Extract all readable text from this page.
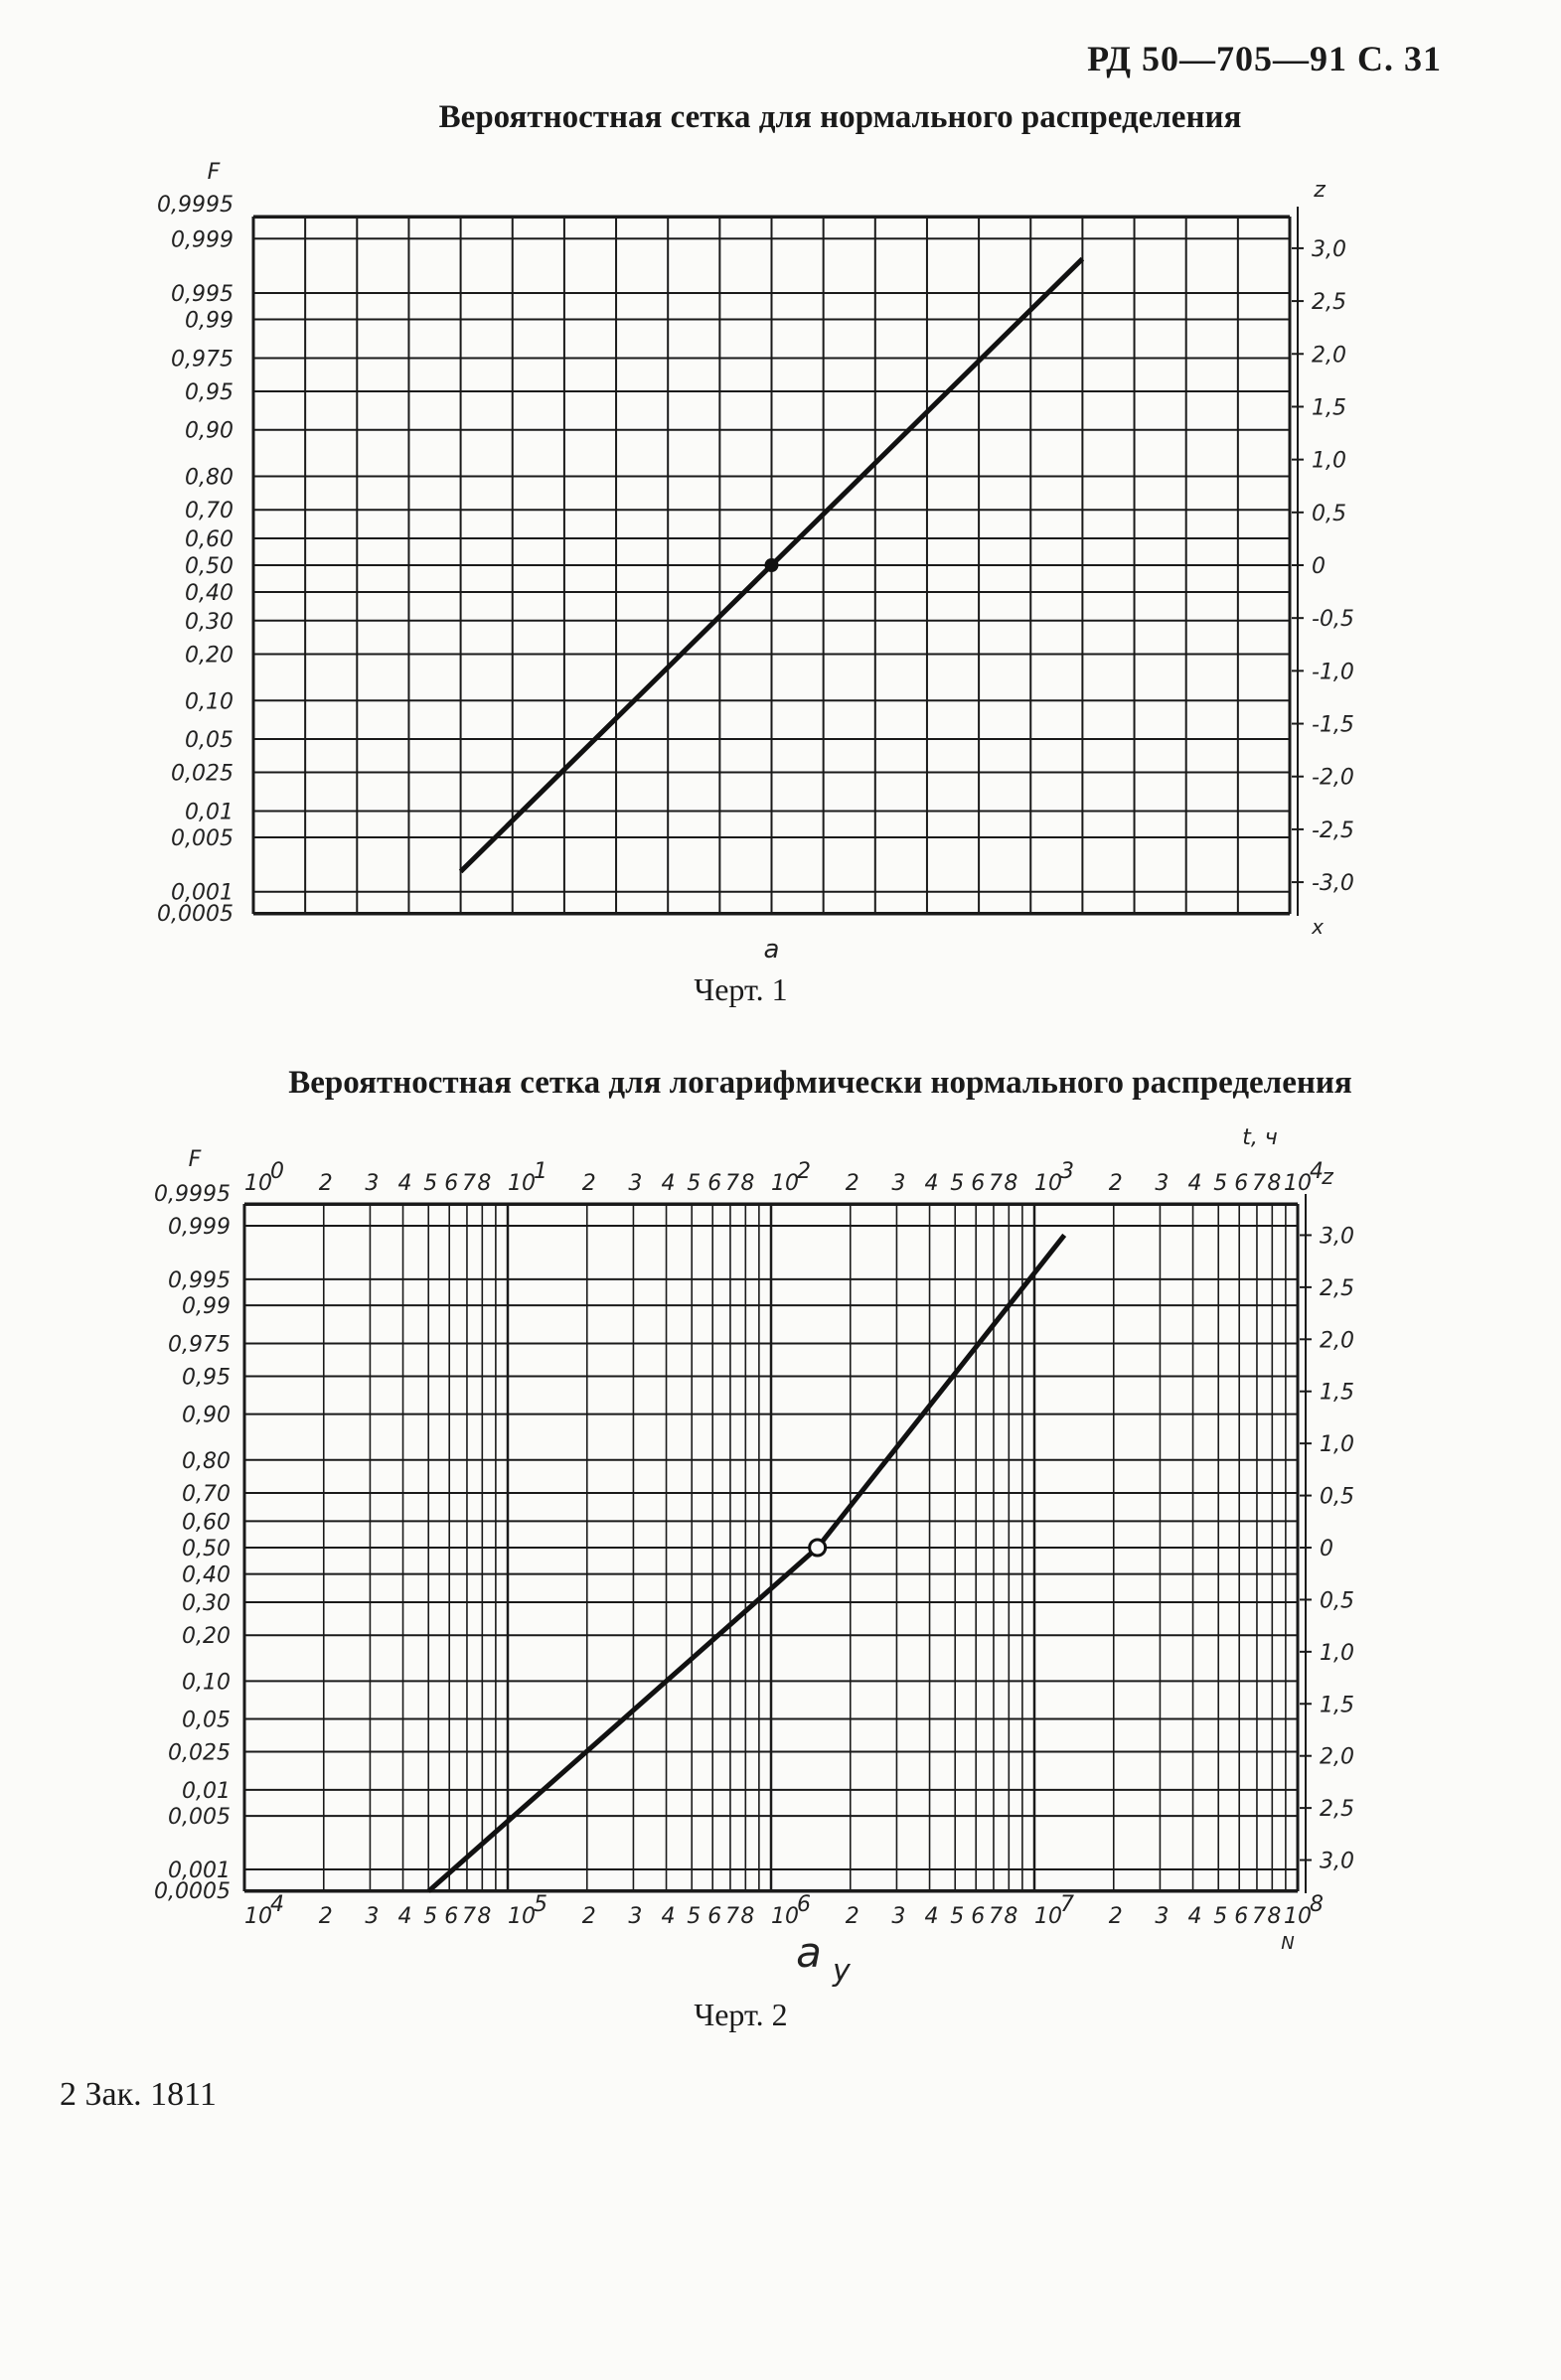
РД 50—705—91 С. 31
Вероятностная сетка для нормального распределения
Черт. 1
Вероятностная сетка для логарифмически нормального распределения
Черт. 2
2 Зак. 1811
0,9995
0,999
0,995
0,99
0,975
0,95
0,90
0,80
0,70
0,60
0,50
0,40
0,30
0,20
0,10
0,05
0,025
0,01
0,005
0,001
0,0005
3,0
2,5
2,0
1,5
1,0
0,5
0
-0,5
-1,0
-1,5
-2,0
-2,5
-3,0
z
F
x
a
0,9995
0,999
0,995
0,99
0,975
0,95
0,90
0,80
0,70
0,60
0,50
0,40
0,30
0,20
0,10
0,05
0,025
0,01
0,005
0,001
0,0005
10
0
10
4
2
2
3
3
4
4
5
5
6
6
7
7
8
8
10
1
10
5
2
2
3
3
4
4
5
5
6
6
7
7
8
8
10
2
10
6
2
2
3
3
4
4
5
5
6
6
7
7
8
8
10
3
10
7
2
2
3
3
4
4
5
5
6
6
7
7
8
8
10
4
10
8
3,0
2,5
2,0
1,5
1,0
0,5
0
0,5
1,0
1,5
2,0
2,5
3,0
z
F
t, ч
N
a y
